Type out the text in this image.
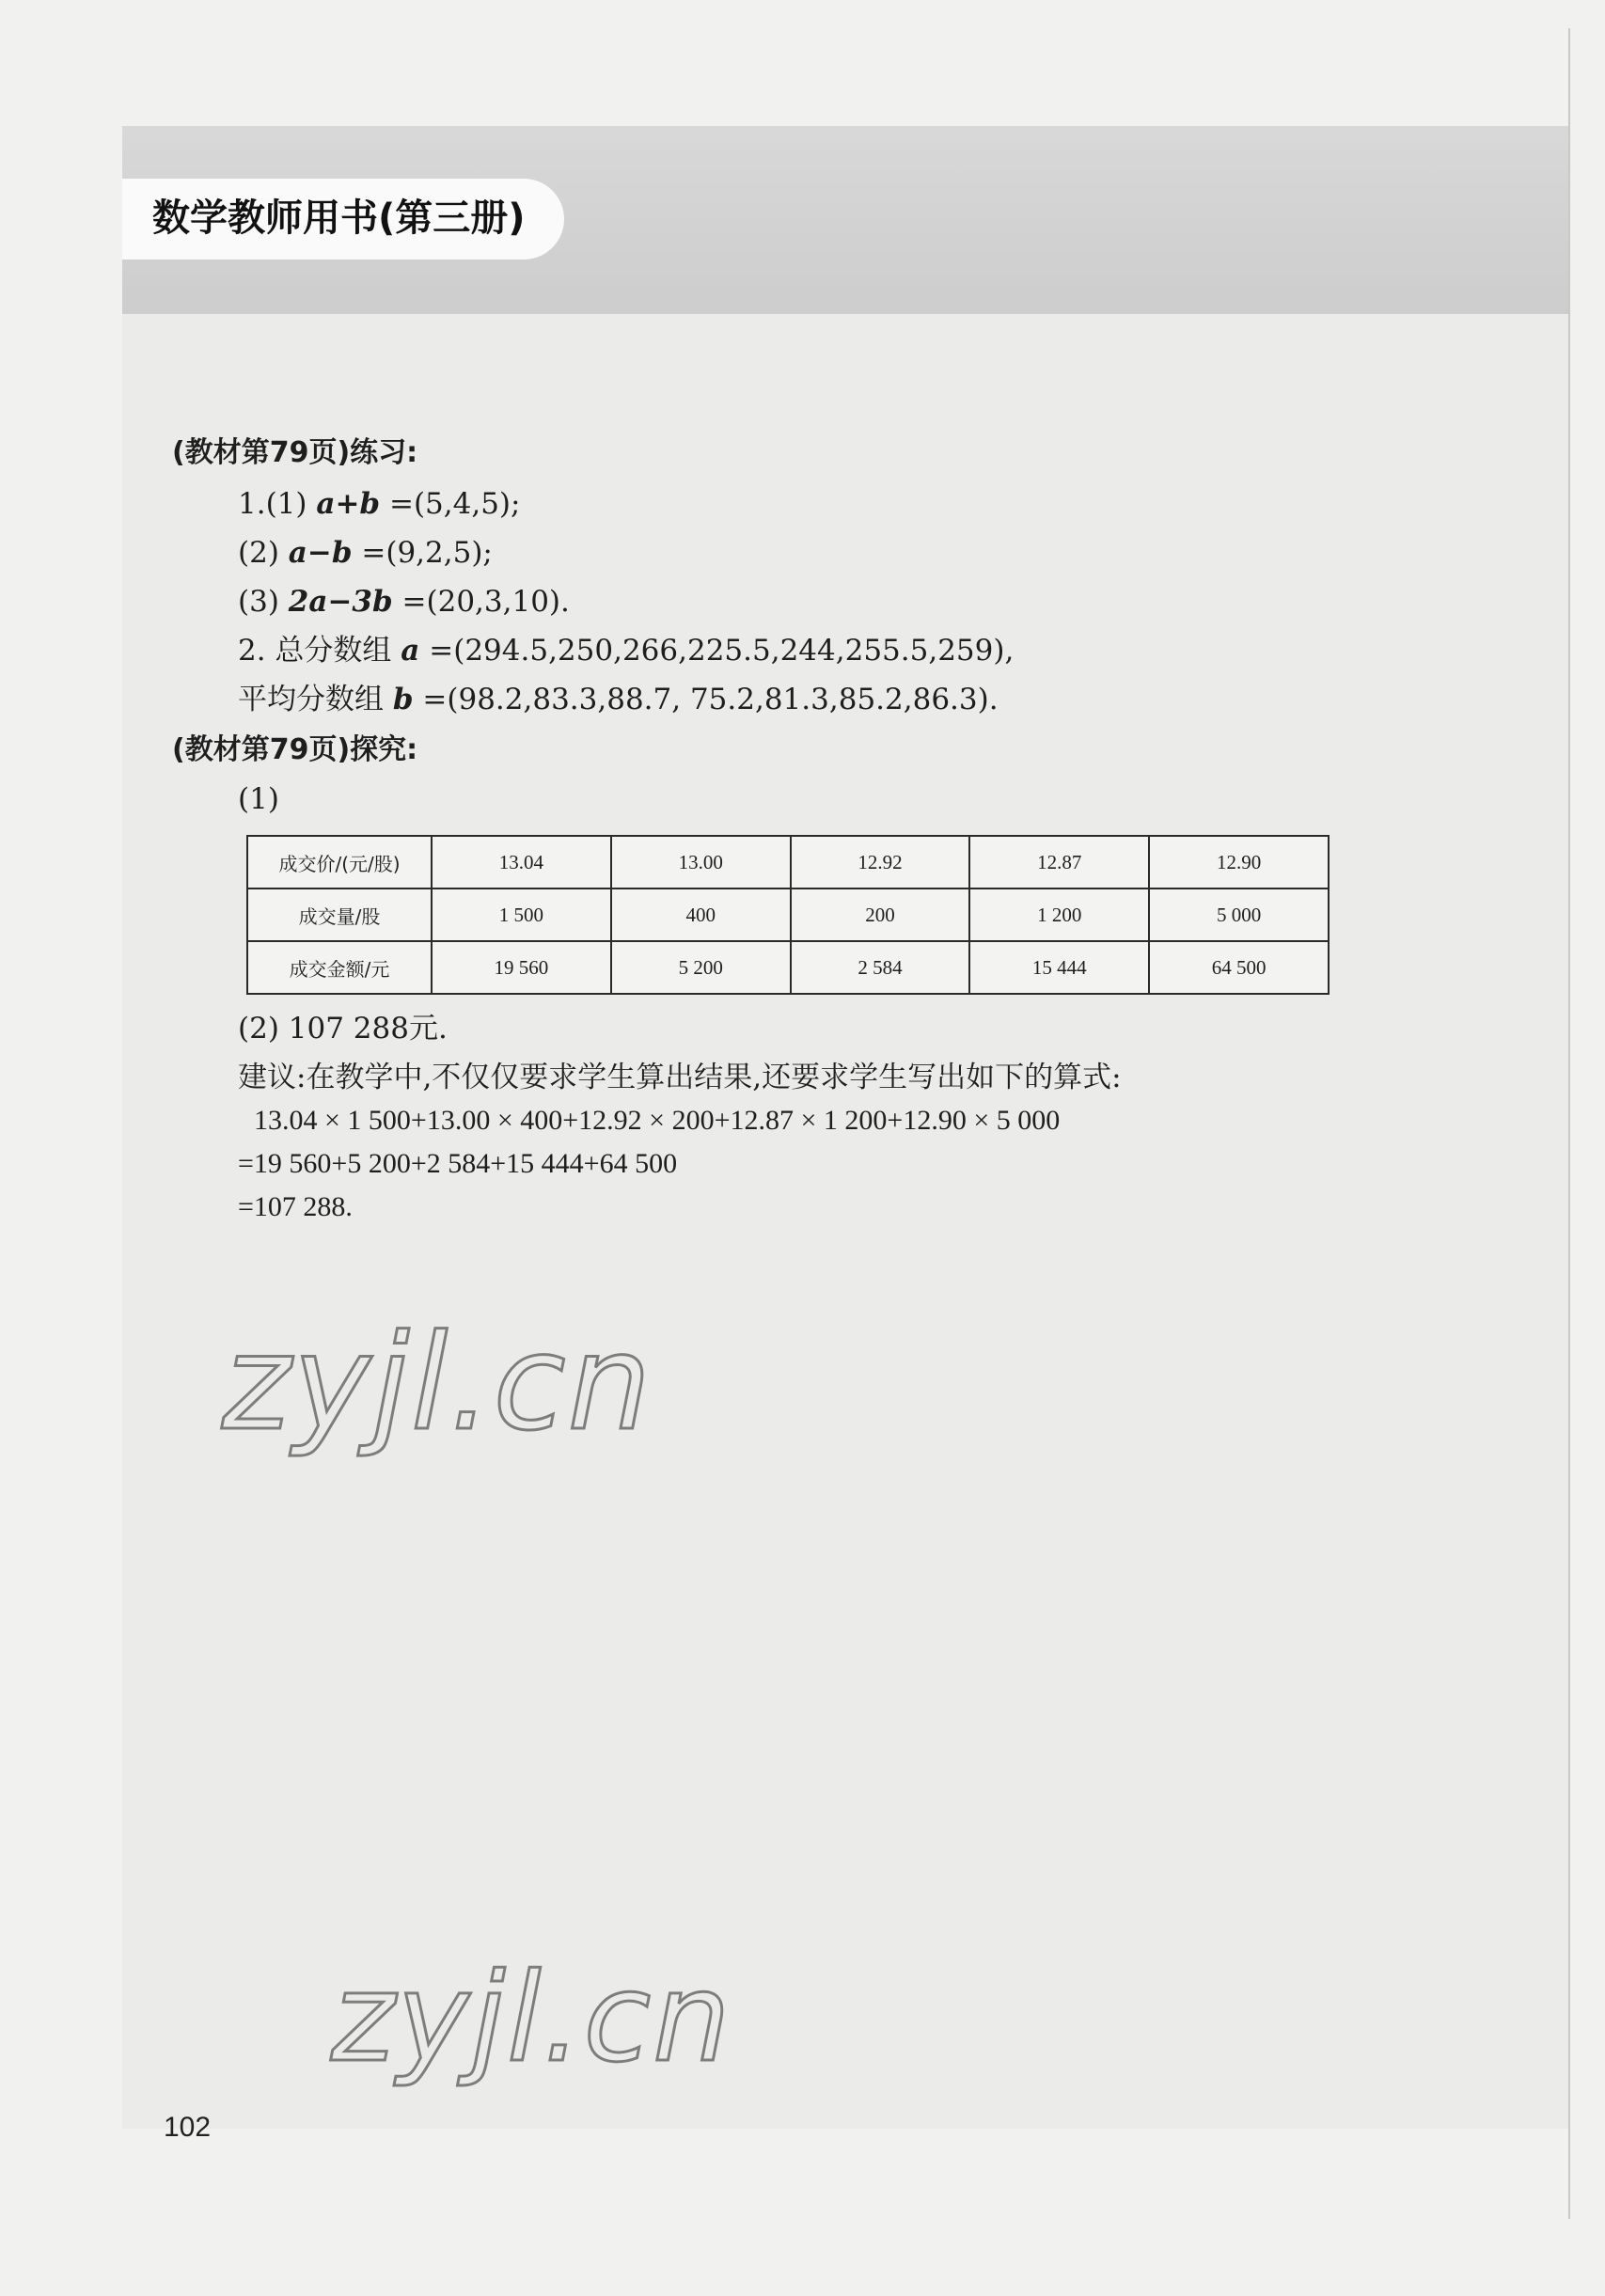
数学教师用书(第三册)
(教材第79页)练习:
1.(1) a+b =(5,4,5);
(2) a−b =(9,2,5);
(3) 2a−3b =(20,3,10).
2. 总分数组 a =(294.5,250,266,225.5,244,255.5,259),
平均分数组 b =(98.2,83.3,88.7, 75.2,81.3,85.2,86.3).
(教材第79页)探究:
(1)
成交价/(元/股)	13.04	13.00	12.92	12.87	12.90
成交量/股	1 500	400	200	1 200	5 000
成交金额/元	19 560	5 200	2 584	15 444	64 500
(2) 107 288元.
建议:在教学中,不仅仅要求学生算出结果,还要求学生写出如下的算式:
13.04 × 1 500+13.00 × 400+12.92 × 200+12.87 × 1 200+12.90 × 5 000
=19 560+5 200+2 584+15 444+64 500
=107 288.
zyjl.cn
zyjl.cn
102
